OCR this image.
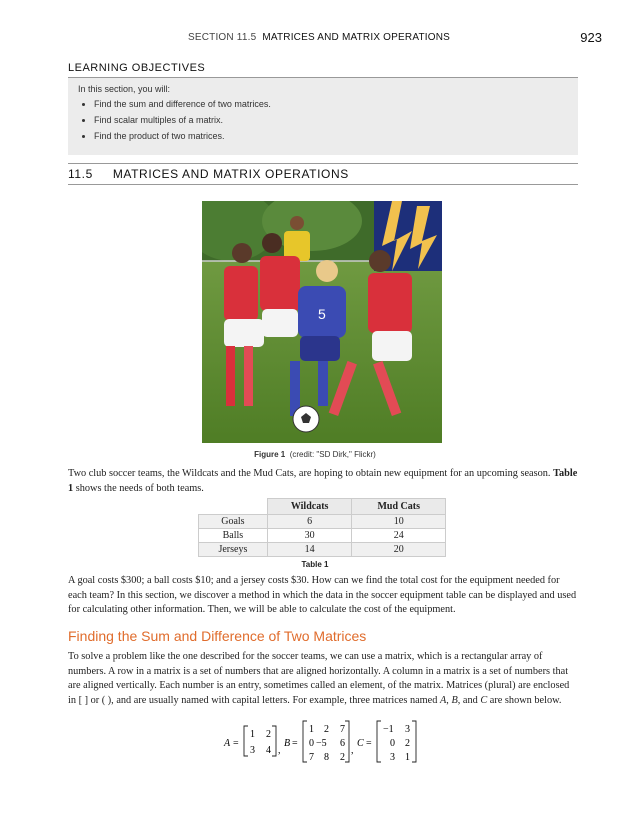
SECTION 11.5 MATRICES AND MATRIX OPERATIONS	923
LEARNING OBJECTIVES

In this section, you will:

• Find the sum and difference of two matrices.
• Find scalar multiples of a matrix.
• Find the product of two matrices.
11.5 MATRICES AND MATRIX OPERATIONS
5
Figure 1 (credit: "SD Dirk," Flickr)
Two club soccer teams, the Wildcats and the Mud Cats, are hoping to obtain new equipment for an upcoming season. Table 1 shows the needs of both teams.
	Wildcats	Mud Cats
Goals	6	10
Balls	30	24
Jerseys	14	20
Table 1
A goal costs $300; a ball costs $10; and a jersey costs $30. How can we find the total cost for the equipment needed for each team? In this section, we discover a method in which the data in the soccer equipment table can be displayed and used for calculating other information. Then, we will be able to calculate the cost of the equipment.
Finding the Sum and Difference of Two Matrices
To solve a problem like the one described for the soccer teams, we can use a matrix, which is a rectangular array of numbers. A row in a matrix is a set of numbers that are aligned horizontally. A column in a matrix is a set of numbers that are aligned vertically. Each number is an entry, sometimes called an element, of the matrix. Matrices (plural) are enclosed in [ ] or ( ), and are usually named with capital letters. For example, three matrices named A, B, and C are shown below.
A =
1 2
3 4 ,
B =
1 2 7
0 −5 6
7 8 2
,
C =
−1 3
0 2
3 1
